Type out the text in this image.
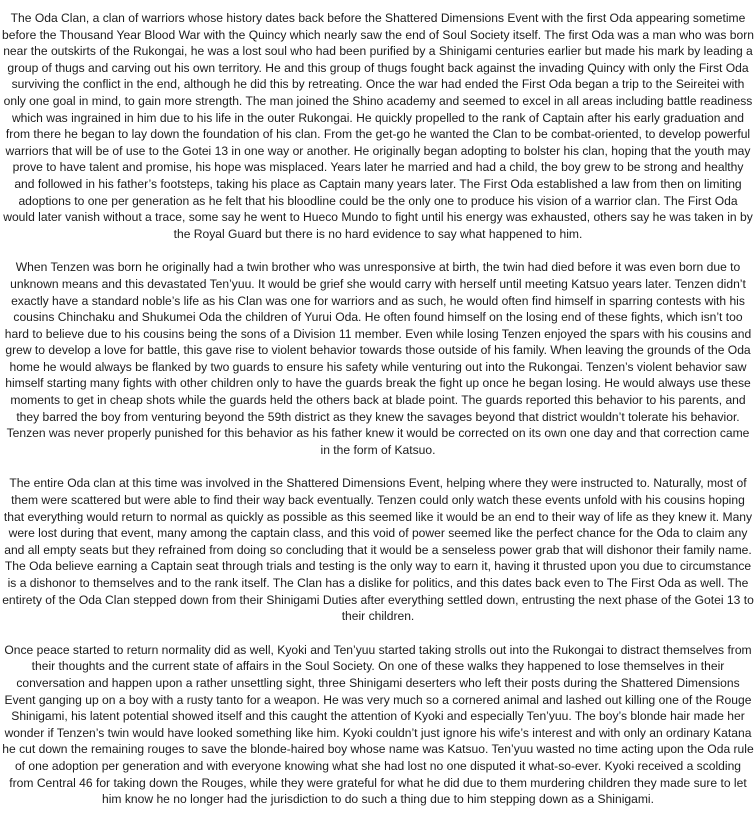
The Oda Clan, a clan of warriors whose history dates back before the Shattered Dimensions Event with the first Oda appearing sometime before the Thousand Year Blood War with the Quincy which nearly saw the end of Soul Society itself. The first Oda was a man who was born near the outskirts of the Rukongai, he was a lost soul who had been purified by a Shinigami centuries earlier but made his mark by leading a group of thugs and carving out his own territory. He and this group of thugs fought back against the invading Quincy with only the First Oda surviving the conflict in the end, although he did this by retreating. Once the war had ended the First Oda began a trip to the Seireitei with only one goal in mind, to gain more strength. The man joined the Shino academy and seemed to excel in all areas including battle readiness which was ingrained in him due to his life in the outer Rukongai. He quickly propelled to the rank of Captain after his early graduation and from there he began to lay down the foundation of his clan. From the get-go he wanted the Clan to be combat-oriented, to develop powerful warriors that will be of use to the Gotei 13 in one way or another. He originally began adopting to bolster his clan, hoping that the youth may prove to have talent and promise, his hope was misplaced. Years later he married and had a child, the boy grew to be strong and healthy and followed in his father’s footsteps, taking his place as Captain many years later. The First Oda established a law from then on limiting adoptions to one per generation as he felt that his bloodline could be the only one to produce his vision of a warrior clan. The First Oda would later vanish without a trace, some say he went to Hueco Mundo to fight until his energy was exhausted, others say he was taken in by the Royal Guard but there is no hard evidence to say what happened to him.

When Tenzen was born he originally had a twin brother who was unresponsive at birth, the twin had died before it was even born due to unknown means and this devastated Ten’yuu. It would be grief she would carry with herself until meeting Katsuo years later. Tenzen didn’t exactly have a standard noble’s life as his Clan was one for warriors and as such, he would often find himself in sparring contests with his cousins Chinchaku and Shukumei Oda the children of Yurui Oda. He often found himself on the losing end of these fights, which isn’t too hard to believe due to his cousins being the sons of a Division 11 member. Even while losing Tenzen enjoyed the spars with his cousins and grew to develop a love for battle, this gave rise to violent behavior towards those outside of his family. When leaving the grounds of the Oda home he would always be flanked by two guards to ensure his safety while venturing out into the Rukongai. Tenzen’s violent behavior saw himself starting many fights with other children only to have the guards break the fight up once he began losing. He would always use these moments to get in cheap shots while the guards held the others back at blade point. The guards reported this behavior to his parents, and they barred the boy from venturing beyond the 59th district as they knew the savages beyond that district wouldn’t tolerate his behavior. Tenzen was never properly punished for this behavior as his father knew it would be corrected on its own one day and that correction came in the form of Katsuo.

The entire Oda clan at this time was involved in the Shattered Dimensions Event, helping where they were instructed to. Naturally, most of them were scattered but were able to find their way back eventually. Tenzen could only watch these events unfold with his cousins hoping that everything would return to normal as quickly as possible as this seemed like it would be an end to their way of life as they knew it. Many were lost during that event, many among the captain class, and this void of power seemed like the perfect chance for the Oda to claim any and all empty seats but they refrained from doing so concluding that it would be a senseless power grab that will dishonor their family name. The Oda believe earning a Captain seat through trials and testing is the only way to earn it, having it thrusted upon you due to circumstance is a dishonor to themselves and to the rank itself. The Clan has a dislike for politics, and this dates back even to The First Oda as well. The entirety of the Oda Clan stepped down from their Shinigami Duties after everything settled down, entrusting the next phase of the Gotei 13 to their children.

Once peace started to return normality did as well, Kyoki and Ten’yuu started taking strolls out into the Rukongai to distract themselves from their thoughts and the current state of affairs in the Soul Society. On one of these walks they happened to lose themselves in their conversation and happen upon a rather unsettling sight, three Shinigami deserters who left their posts during the Shattered Dimensions Event ganging up on a boy with a rusty tanto for a weapon. He was very much so a cornered animal and lashed out killing one of the Rouge Shinigami, his latent potential showed itself and this caught the attention of Kyoki and especially Ten’yuu. The boy’s blonde hair made her wonder if Tenzen’s twin would have looked something like him. Kyoki couldn’t just ignore his wife’s interest and with only an ordinary Katana he cut down the remaining rouges to save the blonde-haired boy whose name was Katsuo. Ten’yuu wasted no time acting upon the Oda rule of one adoption per generation and with everyone knowing what she had lost no one disputed it what-so-ever. Kyoki received a scolding from Central 46 for taking down the Rouges, while they were grateful for what he did due to them murdering children they made sure to let him know he no longer had the jurisdiction to do such a thing due to him stepping down as a Shinigami.
